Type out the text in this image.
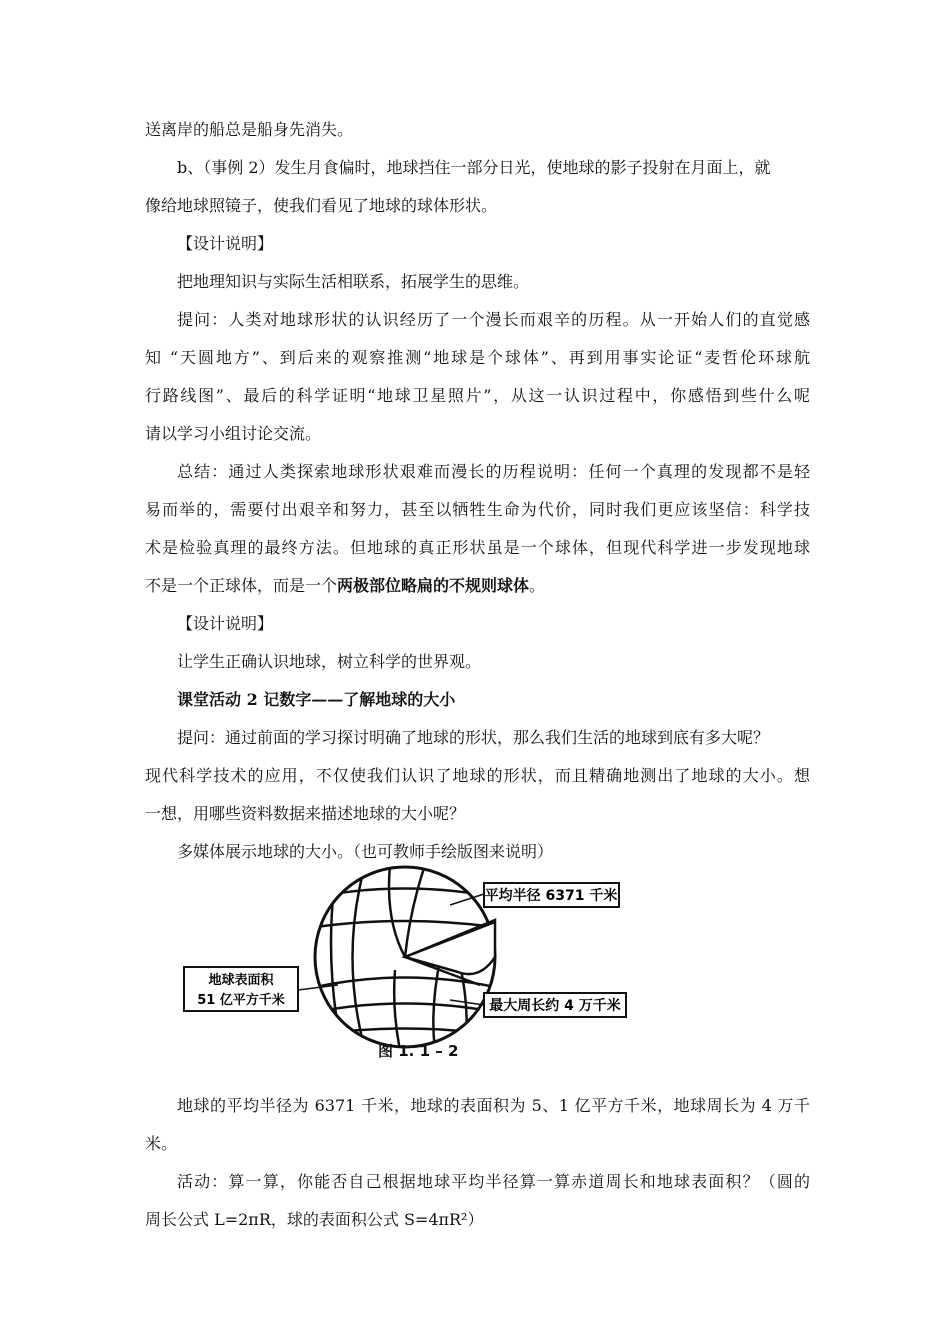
送离岸的船总是船身先消失。
b、（事例 2）发生月食偏时，地球挡住一部分日光，使地球的影子投射在月面上，就
像给地球照镜子，使我们看见了地球的球体形状。
【设计说明】
把地理知识与实际生活相联系，拓展学生的思维。
提问：人类对地球形状的认识经历了一个漫长而艰辛的历程。从一开始人们的直觉感
知 “天圆地方”、到后来的观察推测“地球是个球体”、再到用事实论证“麦哲伦环球航
行路线图”、最后的科学证明“地球卫星照片”，从这一认识过程中，你感悟到些什么呢
请以学习小组讨论交流。
总结：通过人类探索地球形状艰难而漫长的历程说明：任何一个真理的发现都不是轻
易而举的，需要付出艰辛和努力，甚至以牺牲生命为代价，同时我们更应该坚信：科学技
术是检验真理的最终方法。但地球的真正形状虽是一个球体，但现代科学进一步发现地球
不是一个正球体，而是一个两极部位略扁的不规则球体。
【设计说明】
让学生正确认识地球，树立科学的世界观。
课堂活动 2 记数字——了解地球的大小
提问：通过前面的学习探讨明确了地球的形状，那么我们生活的地球到底有多大呢？
现代科学技术的应用，不仅使我们认识了地球的形状，而且精确地测出了地球的大小。想
一想，用哪些资料数据来描述地球的大小呢？
多媒体展示地球的大小。（也可教师手绘版图来说明）
平均半径 6371 千米
地球表面积
51 亿平方千米	最大周长约 4 万千米
图 1. 1 – 2
地球的平均半径为 6371 千米，地球的表面积为 5、1 亿平方千米，地球周长为 4 万千
米。
活动：算一算，你能否自己根据地球平均半径算一算赤道周长和地球表面积？（圆的
周长公式 L=2πR，球的表面积公式 S=4πR²）
